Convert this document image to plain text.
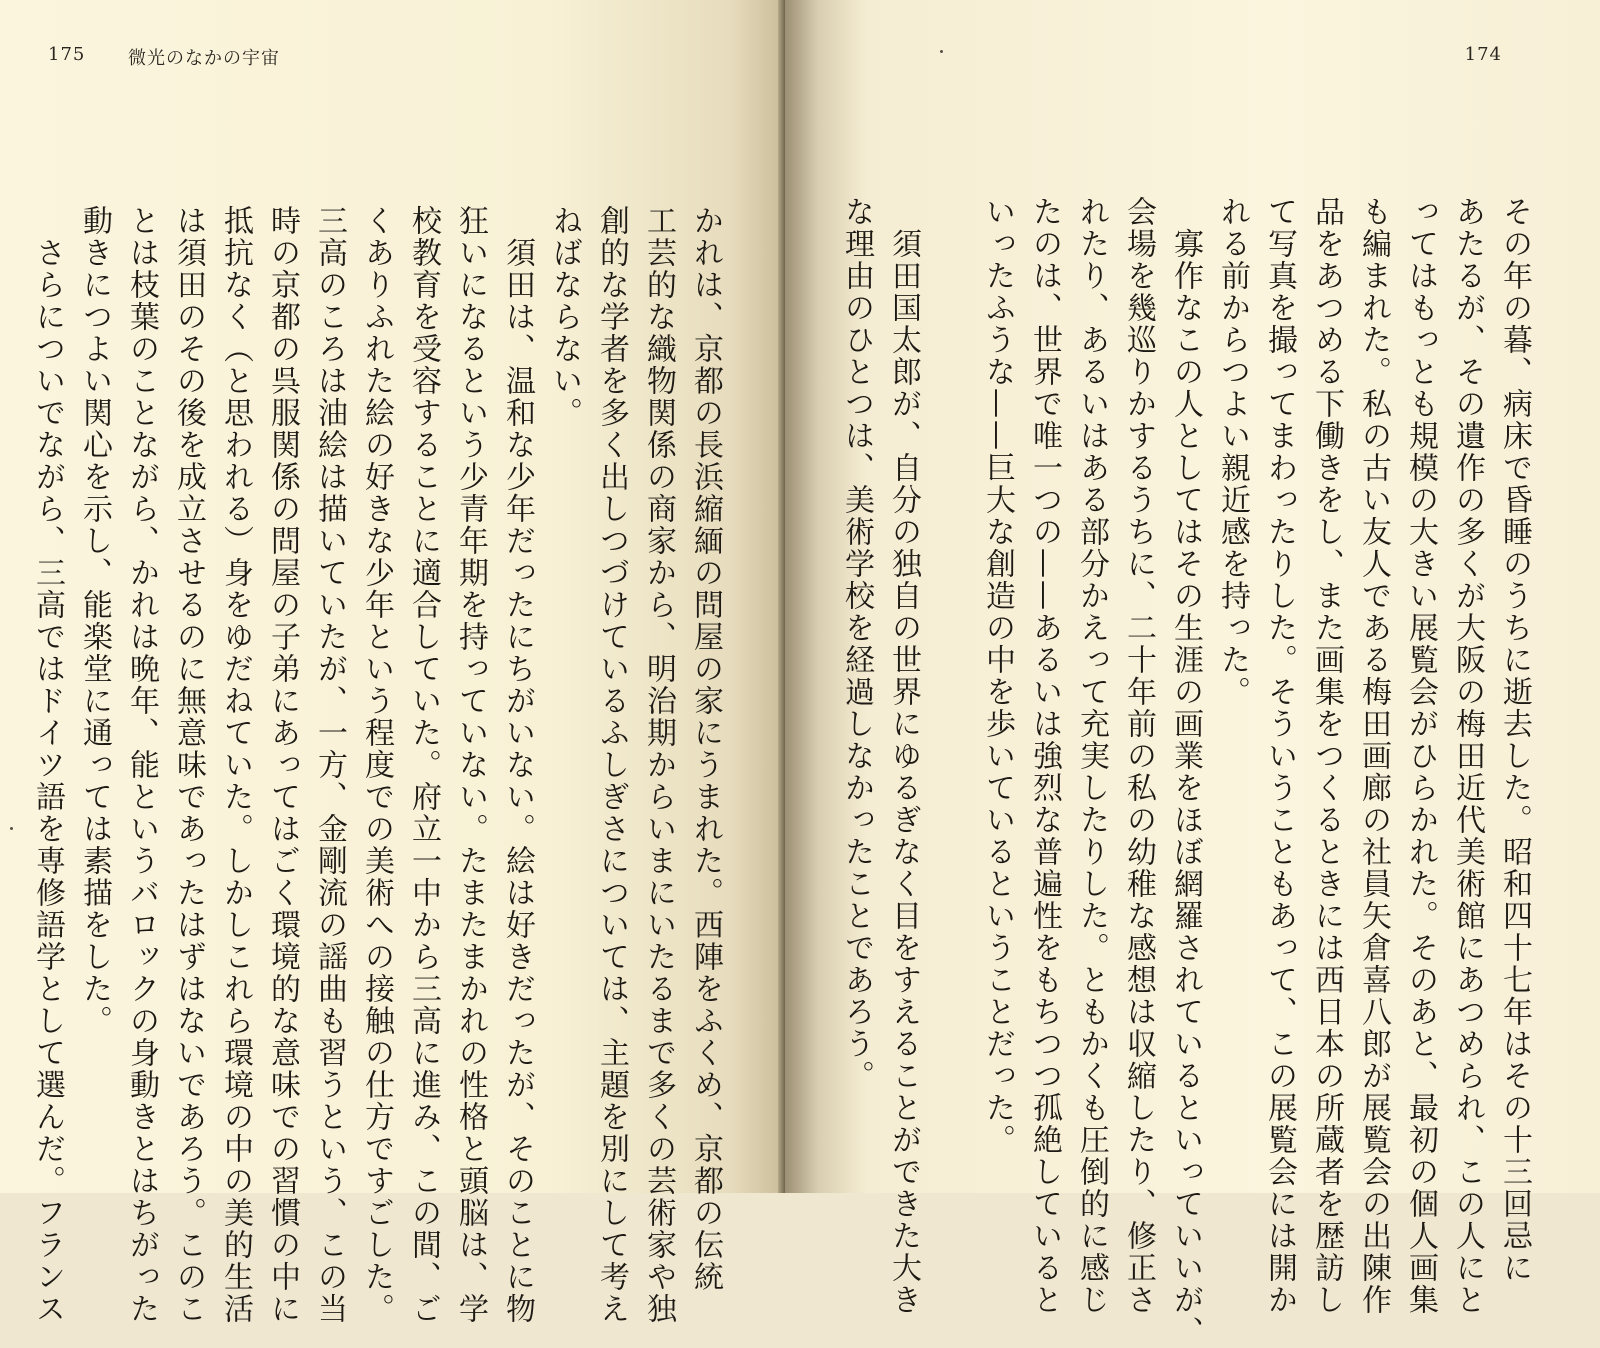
175 微光のなかの宇宙
かれは、京都の長浜縮緬の問屋の家にうまれた。西陣をふくめ、京都の伝統
工芸的な織物関係の商家から、明治期からいまにいたるまで多くの芸術家や独
創的な学者を多く出しつづけているふしぎさについては、主題を別にして考え
ねばならない。
　須田は、温和な少年だったにちがいない。絵は好きだったが、そのことに物
狂いになるという少青年期を持っていない。たまたまかれの性格と頭脳は、学
校教育を受容することに適合していた。府立一中から三高に進み、この間、ご
くありふれた絵の好きな少年という程度での美術への接触の仕方ですごした。
三高のころは油絵は描いていたが、一方、金剛流の謡曲も習うという、この当
時の京都の呉服関係の問屋の子弟にあってはごく環境的な意味での習慣の中に
抵抗なく（と思われる）身をゆだねていた。しかしこれら環境の中の美的生活
は須田のその後を成立させるのに無意味であったはずはないであろう。このこ
とは枝葉のことながら、かれは晩年、能というバロックの身動きとはちがった
動きにつよい関心を示し、能楽堂に通っては素描をした。
　さらについでながら、三高ではドイツ語を専修語学として選んだ。フランス
174
その年の暮、病床で昏睡のうちに逝去した。昭和四十七年はその十三回忌に
あたるが、その遺作の多くが大阪の梅田近代美術館にあつめられ、この人にと
ってはもっとも規模の大きい展覧会がひらかれた。そのあと、最初の個人画集
も編まれた。私の古い友人である梅田画廊の社員矢倉喜八郎が展覧会の出陳作
品をあつめる下働きをし、また画集をつくるときには西日本の所蔵者を歴訪し
て写真を撮ってまわったりした。そういうこともあって、この展覧会には開か
れる前からつよい親近感を持った。
　寡作なこの人としてはその生涯の画業をほぼ網羅されているといっていいが、
会場を幾巡りかするうちに、二十年前の私の幼稚な感想は収縮したり、修正さ
れたり、あるいはある部分かえって充実したりした。ともかくも圧倒的に感じ
たのは、世界で唯一つの——あるいは強烈な普遍性をもちつつ孤絶していると
いったふうな——巨大な創造の中を歩いているということだった。

　須田国太郎が、自分の独自の世界にゆるぎなく目をすえることができた大き
な理由のひとつは、美術学校を経過しなかったことであろう。
